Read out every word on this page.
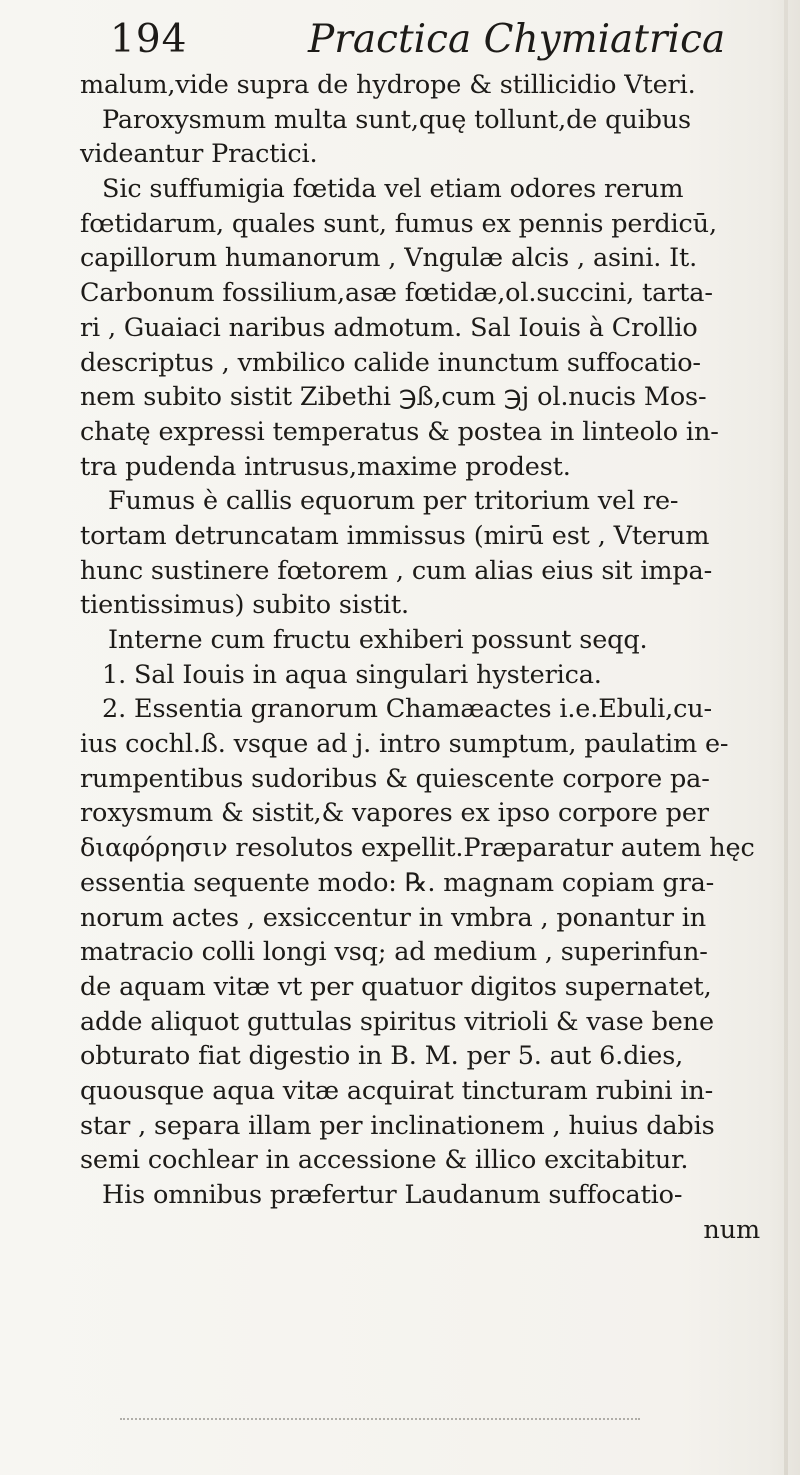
194	Practica Chymiatrica
malum,vide supra de hydrope & stillicidio Vteri.
Paroxysmum multa sunt,quę tollunt,de quibus
videantur Practici.
Sic suffumigia fœtida vel etiam odores rerum
fœtidarum, quales sunt, fumus ex pennis perdicū,
capillorum humanorum , Vngulæ alcis , asini. It.
Carbonum fossilium,asæ fœtidæ,ol.succini, tarta-
ri , Guaiaci naribus admotum. Sal Iouis à Crollio
descriptus , vmbilico calide inunctum suffocatio-
nem subito sistit Zibethi ℈ß,cum ℈j ol.nucis Mos-
chatę expressi temperatus & postea in linteolo in-
tra pudenda intrusus,maxime prodest.
Fumus è callis equorum per tritorium vel re-
tortam detruncatam immissus (mirū est , Vterum
hunc sustinere fœtorem , cum alias eius sit impa-
tientissimus) subito sistit.
Interne cum fructu exhiberi possunt seqq.
1. Sal Iouis in aqua singulari hysterica.
2. Essentia granorum Chamæactes i.e.Ebuli,cu-
ius cochl.ß. vsque ad j. intro sumptum, paulatim e-
rumpentibus sudoribus & quiescente corpore pa-
roxysmum & sistit,& vapores ex ipso corpore per
διαφόρησιν resolutos expellit.Præparatur autem hęc
essentia sequente modo: ℞. magnam copiam gra-
norum actes , exsiccentur in vmbra , ponantur in
matracio colli longi vsq; ad medium , superinfun-
de aquam vitæ vt per quatuor digitos supernatet,
adde aliquot guttulas spiritus vitrioli & vase bene
obturato fiat digestio in B. M. per 5. aut 6.dies,
quousque aqua vitæ acquirat tincturam rubini in-
star , separa illam per inclinationem , huius dabis
semi cochlear in accessione & illico excitabitur.
His omnibus præfertur Laudanum suffocatio-
num
